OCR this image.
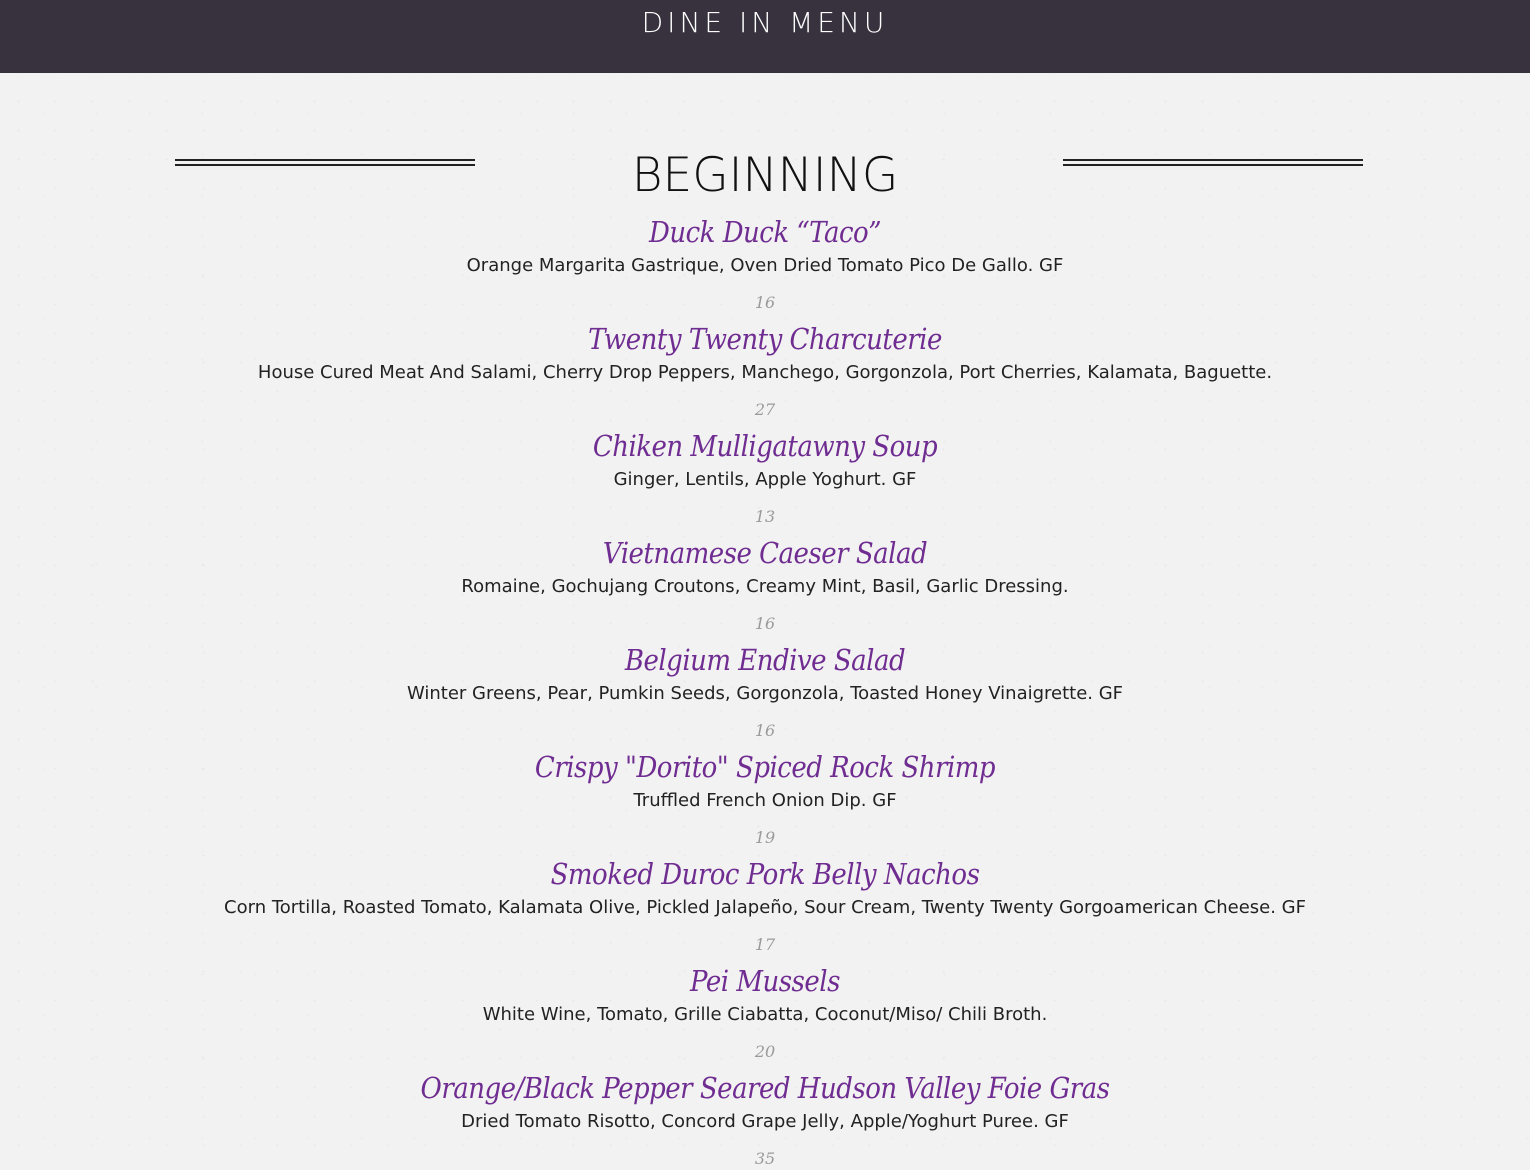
DINE IN MENU
BEGINNING
Duck Duck “Taco”
Orange Margarita Gastrique, Oven Dried Tomato Pico De Gallo. GF
16
Twenty Twenty Charcuterie
House Cured Meat And Salami, Cherry Drop Peppers, Manchego, Gorgonzola, Port Cherries, Kalamata, Baguette.
27
Chiken Mulligatawny Soup
Ginger, Lentils, Apple Yoghurt. GF
13
Vietnamese Caeser Salad
Romaine, Gochujang Croutons, Creamy Mint, Basil, Garlic Dressing.
16
Belgium Endive Salad
Winter Greens, Pear, Pumkin Seeds, Gorgonzola, Toasted Honey Vinaigrette. GF
16
Crispy "Dorito" Spiced Rock Shrimp
Truffled French Onion Dip. GF
19
Smoked Duroc Pork Belly Nachos
Corn Tortilla, Roasted Tomato, Kalamata Olive, Pickled Jalapeño, Sour Cream, Twenty Twenty Gorgoamerican Cheese. GF
17
Pei Mussels
White Wine, Tomato, Grille Ciabatta, Coconut/Miso/ Chili Broth.
20
Orange/Black Pepper Seared Hudson Valley Foie Gras
Dried Tomato Risotto, Concord Grape Jelly, Apple/Yoghurt Puree. GF
35
